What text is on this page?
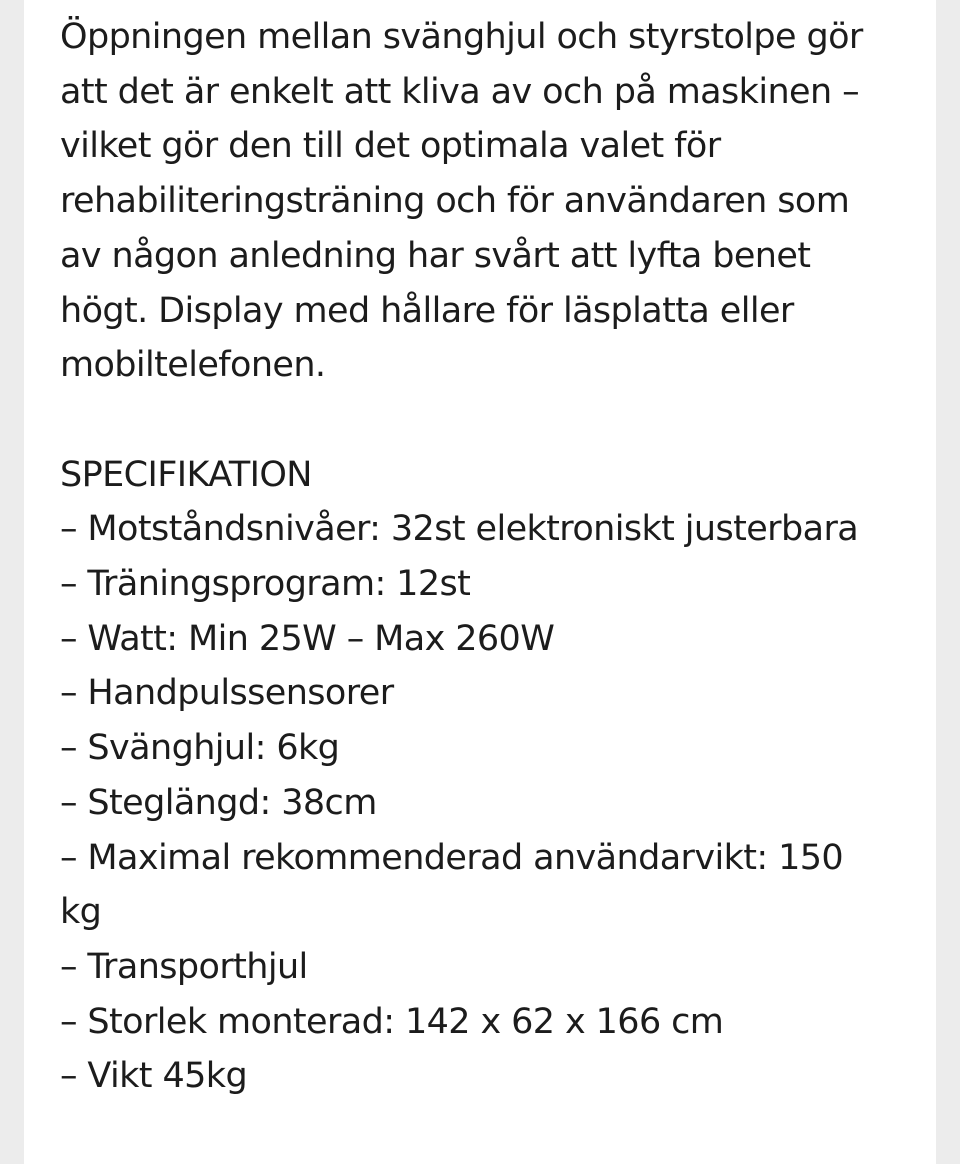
Öppningen mellan svänghjul och styrstolpe gör
att det är enkelt att kliva av och på maskinen –
vilket gör den till det optimala valet för
rehabiliteringsträning och för användaren som
av någon anledning har svårt att lyfta benet
högt. Display med hållare för läsplatta eller
mobiltelefonen.
SPECIFIKATION
– Motståndsnivåer: 32st elektroniskt justerbara
– Träningsprogram: 12st
– Watt: Min 25W – Max 260W
– Handpulssensorer
– Svänghjul: 6kg
– Steglängd: 38cm
– Maximal rekommenderad användarvikt: 150
kg
– Transporthjul
– Storlek monterad: 142 x 62 x 166 cm
– Vikt 45kg
